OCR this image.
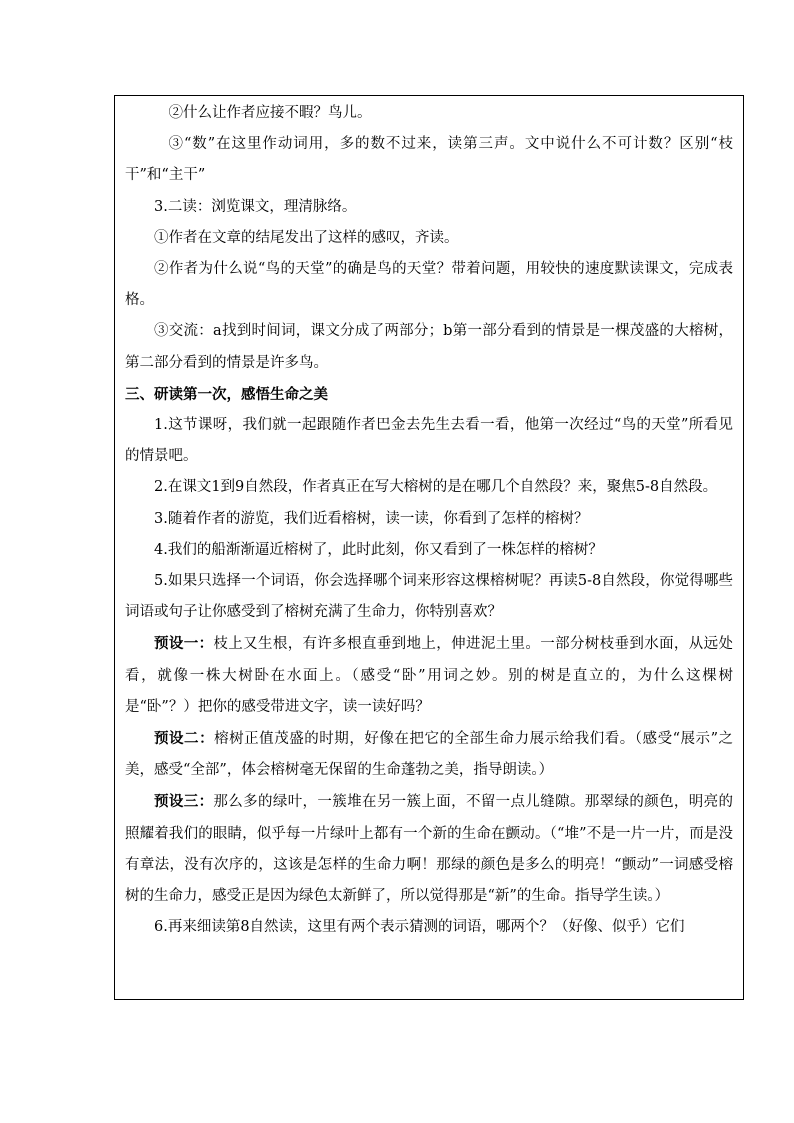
②什么让作者应接不暇？鸟儿。

③“数”在这里作动词用，多的数不过来，读第三声。文中说什么不可计数？区别“枝干”和“主干”

3.二读：浏览课文，理清脉络。

①作者在文章的结尾发出了这样的感叹，齐读。

②作者为什么说“鸟的天堂”的确是鸟的天堂？带着问题，用较快的速度默读课文，完成表格。

③交流：a找到时间词，课文分成了两部分；b第一部分看到的情景是一棵茂盛的大榕树，第二部分看到的情景是许多鸟。

三、研读第一次，感悟生命之美

1.这节课呀，我们就一起跟随作者巴金去先生去看一看，他第一次经过“鸟的天堂”所看见的情景吧。

2.在课文1到9自然段，作者真正在写大榕树的是在哪几个自然段？来，聚焦5-8自然段。

3.随着作者的游览，我们近看榕树，读一读，你看到了怎样的榕树？

4.我们的船渐渐逼近榕树了，此时此刻，你又看到了一株怎样的榕树？

5.如果只选择一个词语，你会选择哪个词来形容这棵榕树呢？再读5-8自然段，你觉得哪些词语或句子让你感受到了榕树充满了生命力，你特别喜欢？

预设一：枝上又生根，有许多根直垂到地上，伸进泥土里。一部分树枝垂到水面，从远处看，就像一株大树卧在水面上。（感受“卧”用词之妙。别的树是直立的，为什么这棵树是“卧”？）把你的感受带进文字，读一读好吗？

预设二：榕树正值茂盛的时期，好像在把它的全部生命力展示给我们看。（感受“展示”之美，感受“全部”，体会榕树毫无保留的生命蓬勃之美，指导朗读。）

预设三：那么多的绿叶，一簇堆在另一簇上面，不留一点儿缝隙。那翠绿的颜色，明亮的照耀着我们的眼睛，似乎每一片绿叶上都有一个新的生命在颤动。（“堆”不是一片一片，而是没有章法，没有次序的，这该是怎样的生命力啊！那绿的颜色是多么的明亮！“颤动”一词感受榕树的生命力，感受正是因为绿色太新鲜了，所以觉得那是“新”的生命。指导学生读。）

6.再来细读第8自然读，这里有两个表示猜测的词语，哪两个？（好像、似乎）它们
